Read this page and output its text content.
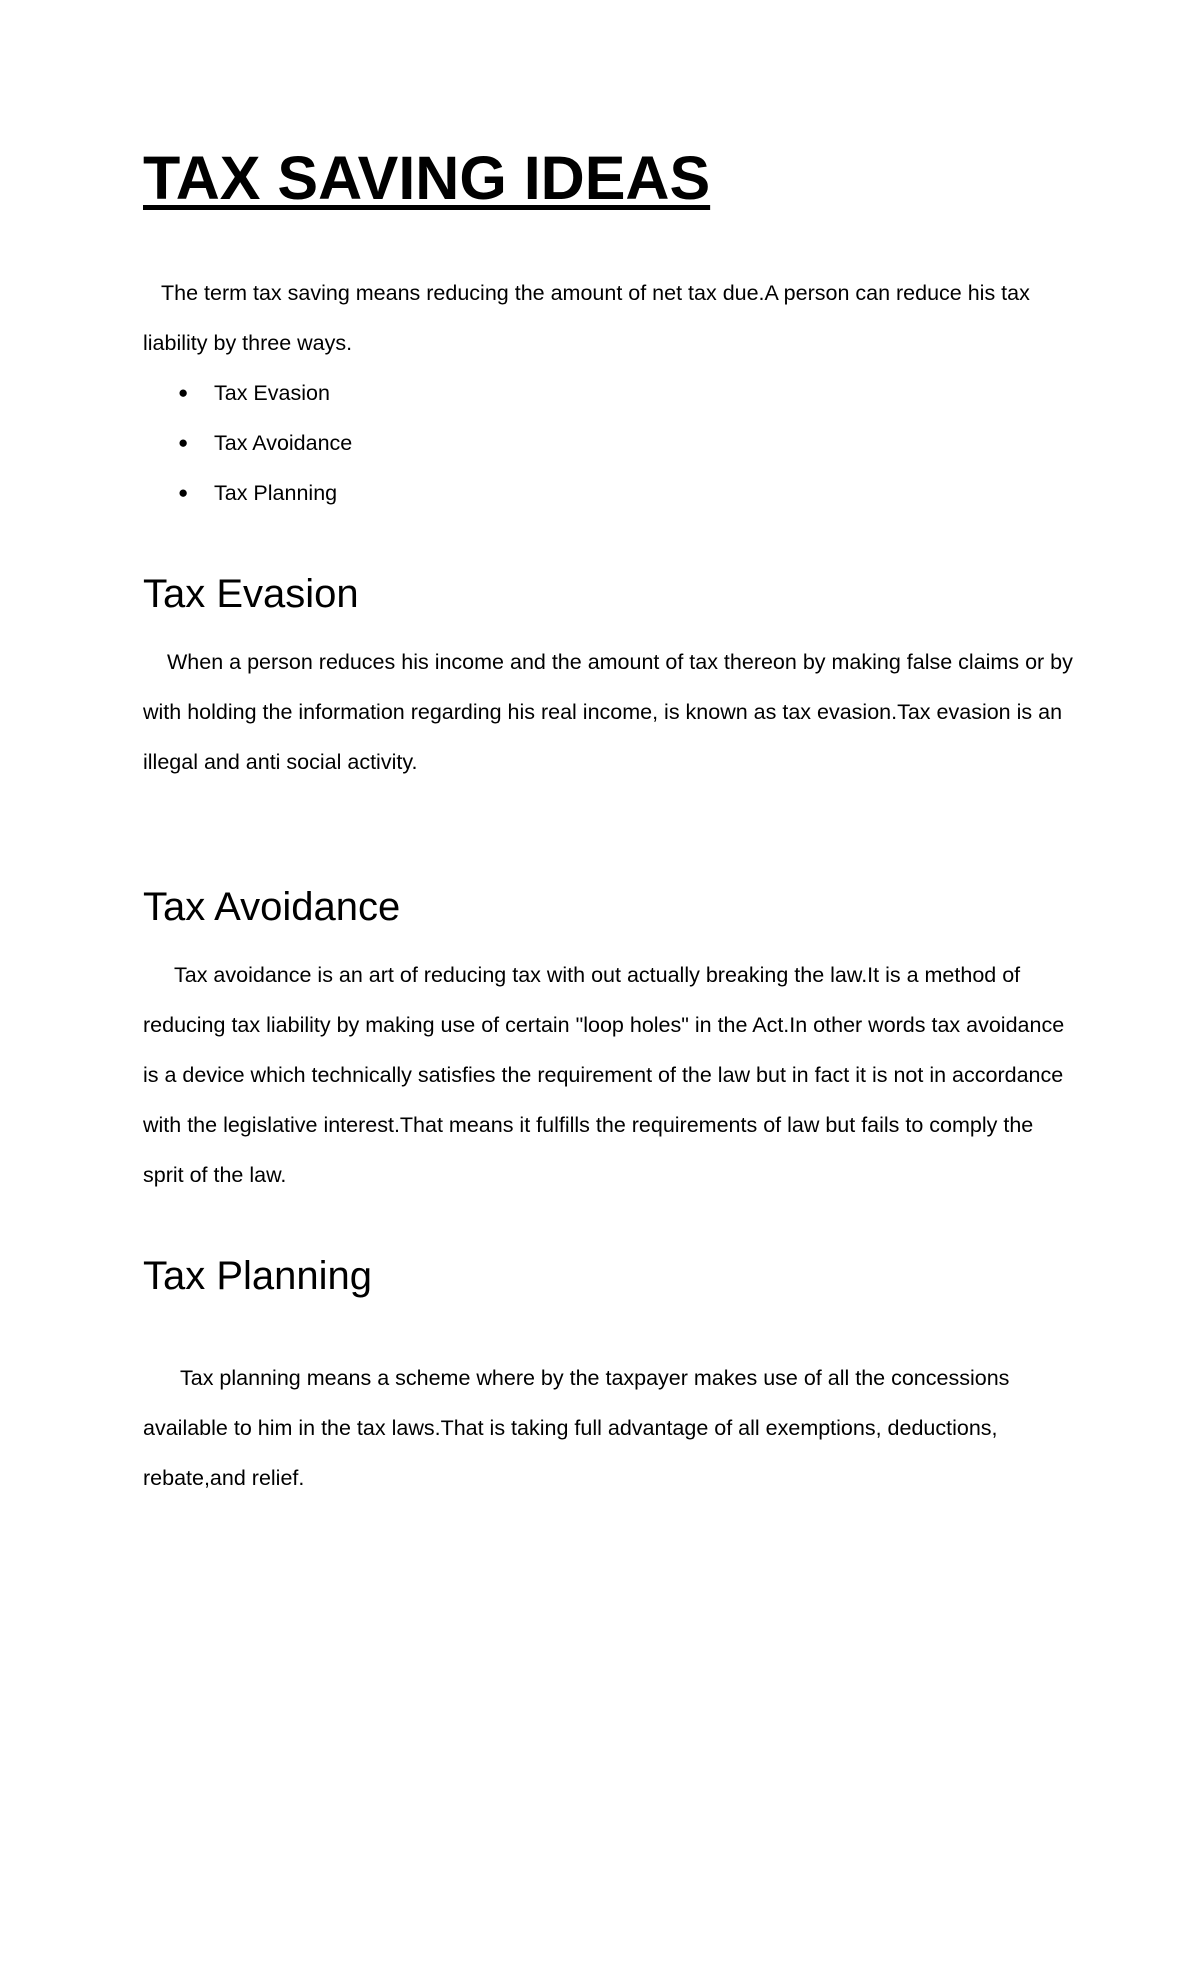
TAX SAVING IDEAS

The term tax saving means reducing the amount of net tax due.A person can reduce his tax liability by three ways.

● Tax Evasion
● Tax Avoidance
● Tax Planning
Tax Evasion

When a person reduces his income and the amount of tax thereon by making false claims or by with holding the information regarding his real income, is known as tax evasion.Tax evasion is an illegal and anti social activity.

Tax Avoidance

Tax avoidance is an art of reducing tax with out actually breaking the law.It is a method of reducing tax liability by making use of certain "loop holes" in the Act.In other words tax avoidance is a device which technically satisfies the requirement of the law but in fact it is not in accordance with the legislative interest.That means it fulfills the requirements of law but fails to comply the sprit of the law.

Tax Planning

Tax planning means a scheme where by the taxpayer makes use of all the concessions available to him in the tax laws.That is taking full advantage of all exemptions, deductions, rebate,and relief.
